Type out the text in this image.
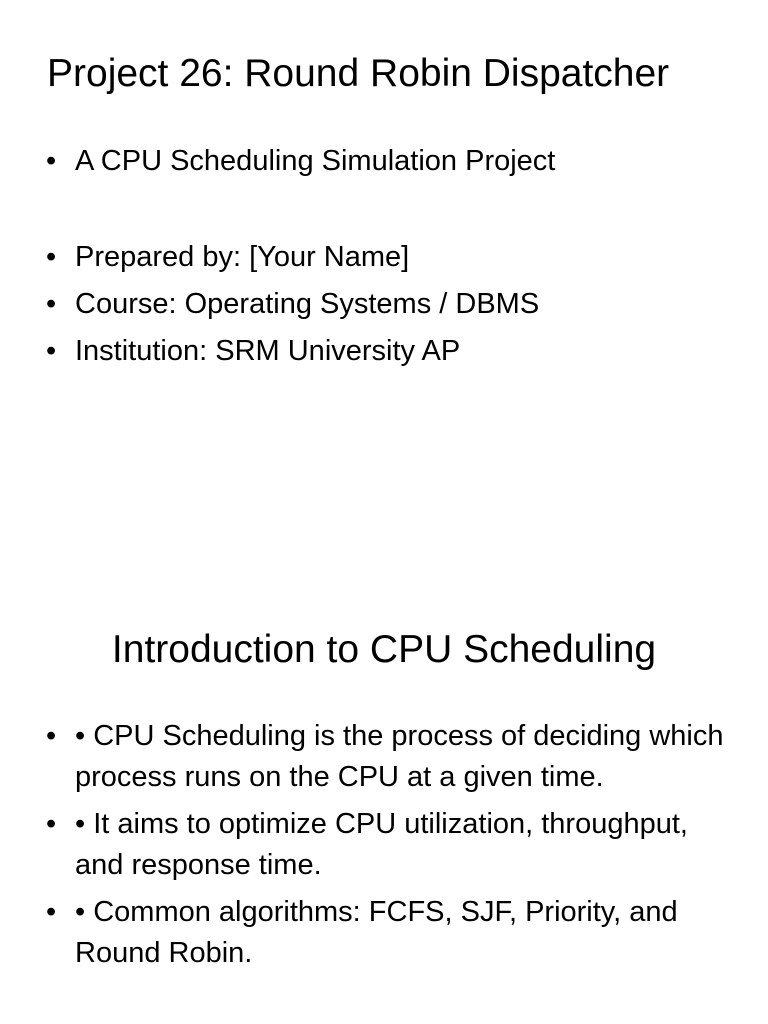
Project 26: Round Robin Dispatcher
• A CPU Scheduling Simulation Project
• Prepared by: [Your Name]
• Course: Operating Systems / DBMS
• Institution: SRM University AP
Introduction to CPU Scheduling
• • CPU Scheduling is the process of deciding which process runs on the CPU at a given time.
• • It aims to optimize CPU utilization, throughput, and response time.
• • Common algorithms: FCFS, SJF, Priority, and Round Robin.
